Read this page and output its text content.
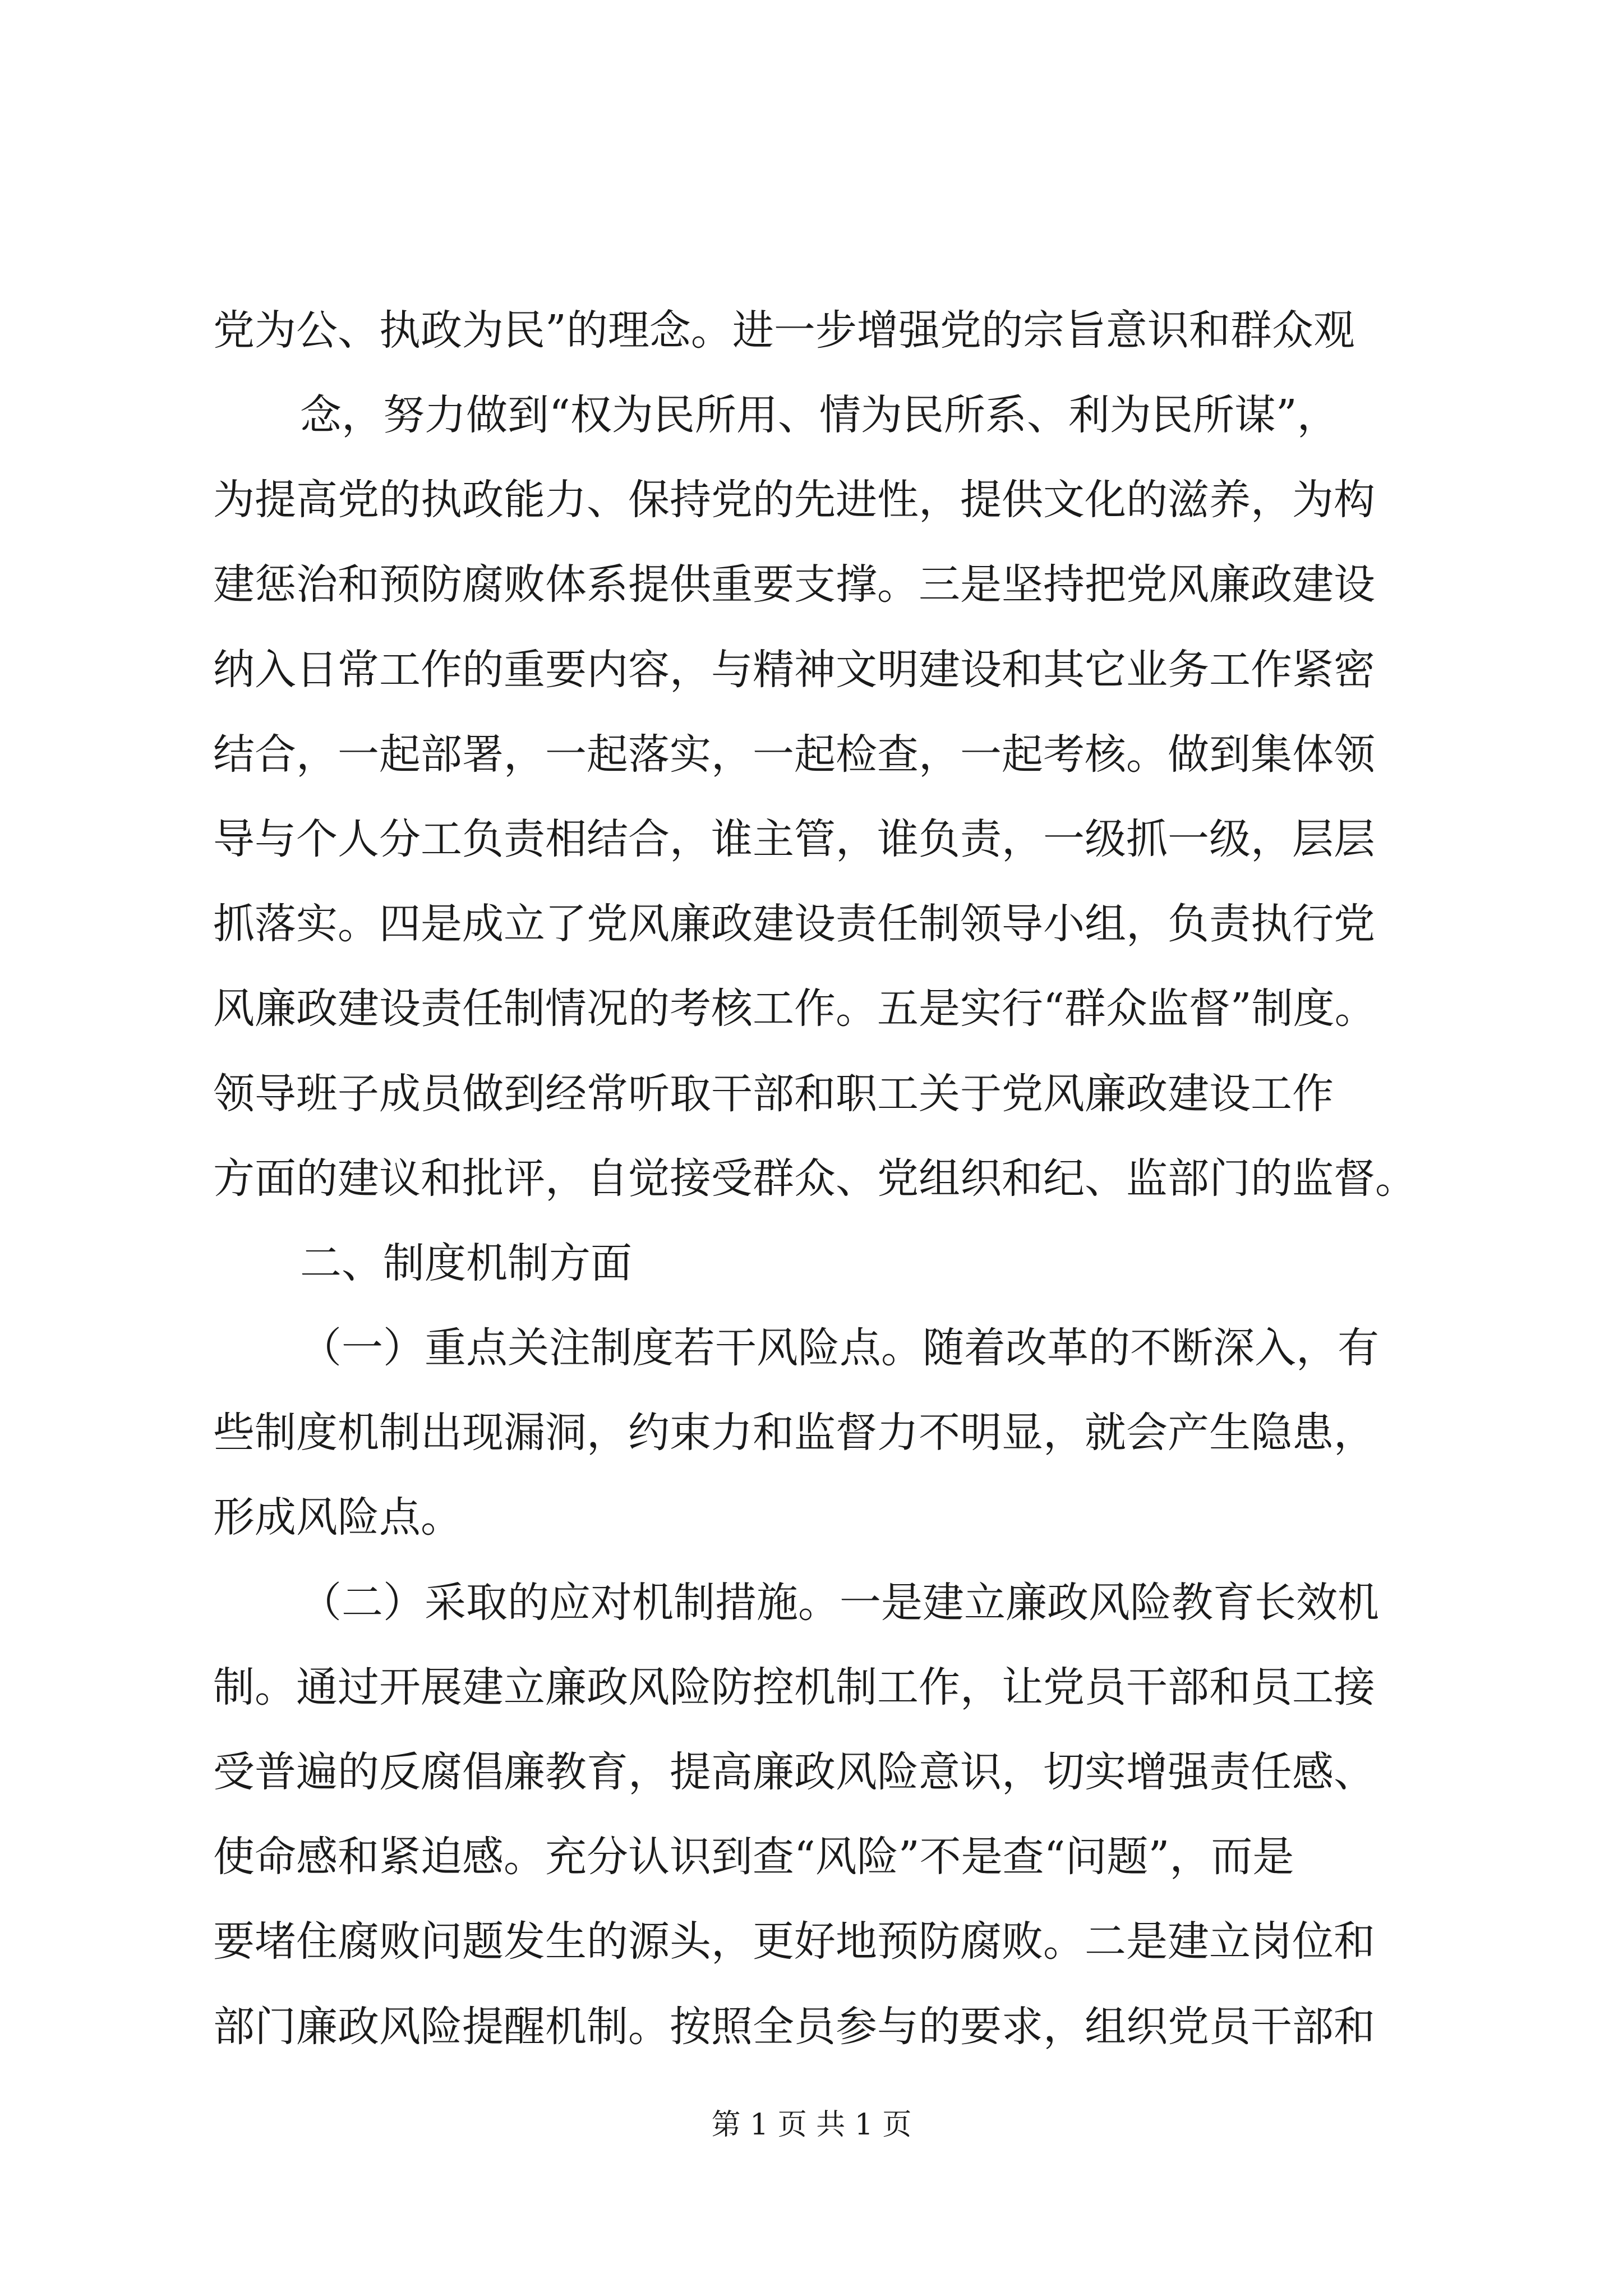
党为公、执政为民”的理念。进一步增强党的宗旨意识和群众观
念，努力做到“权为民所用、情为民所系、利为民所谋”，
为提高党的执政能力、保持党的先进性，提供文化的滋养，为构
建惩治和预防腐败体系提供重要支撑。三是坚持把党风廉政建设
纳入日常工作的重要内容，与精神文明建设和其它业务工作紧密
结合，一起部署，一起落实，一起检查，一起考核。做到集体领
导与个人分工负责相结合，谁主管，谁负责，一级抓一级，层层
抓落实。四是成立了党风廉政建设责任制领导小组，负责执行党
风廉政建设责任制情况的考核工作。五是实行“群众监督”制度。
领导班子成员做到经常听取干部和职工关于党风廉政建设工作
方面的建议和批评，自觉接受群众、党组织和纪、监部门的监督。
二、制度机制方面
（一）重点关注制度若干风险点。随着改革的不断深入，有
些制度机制出现漏洞，约束力和监督力不明显，就会产生隐患，
形成风险点。
（二）采取的应对机制措施。一是建立廉政风险教育长效机
制。通过开展建立廉政风险防控机制工作，让党员干部和员工接
受普遍的反腐倡廉教育，提高廉政风险意识，切实增强责任感、
使命感和紧迫感。充分认识到查“风险”不是查“问题”，而是
要堵住腐败问题发生的源头，更好地预防腐败。二是建立岗位和
部门廉政风险提醒机制。按照全员参与的要求，组织党员干部和
第 1 页 共 1 页
